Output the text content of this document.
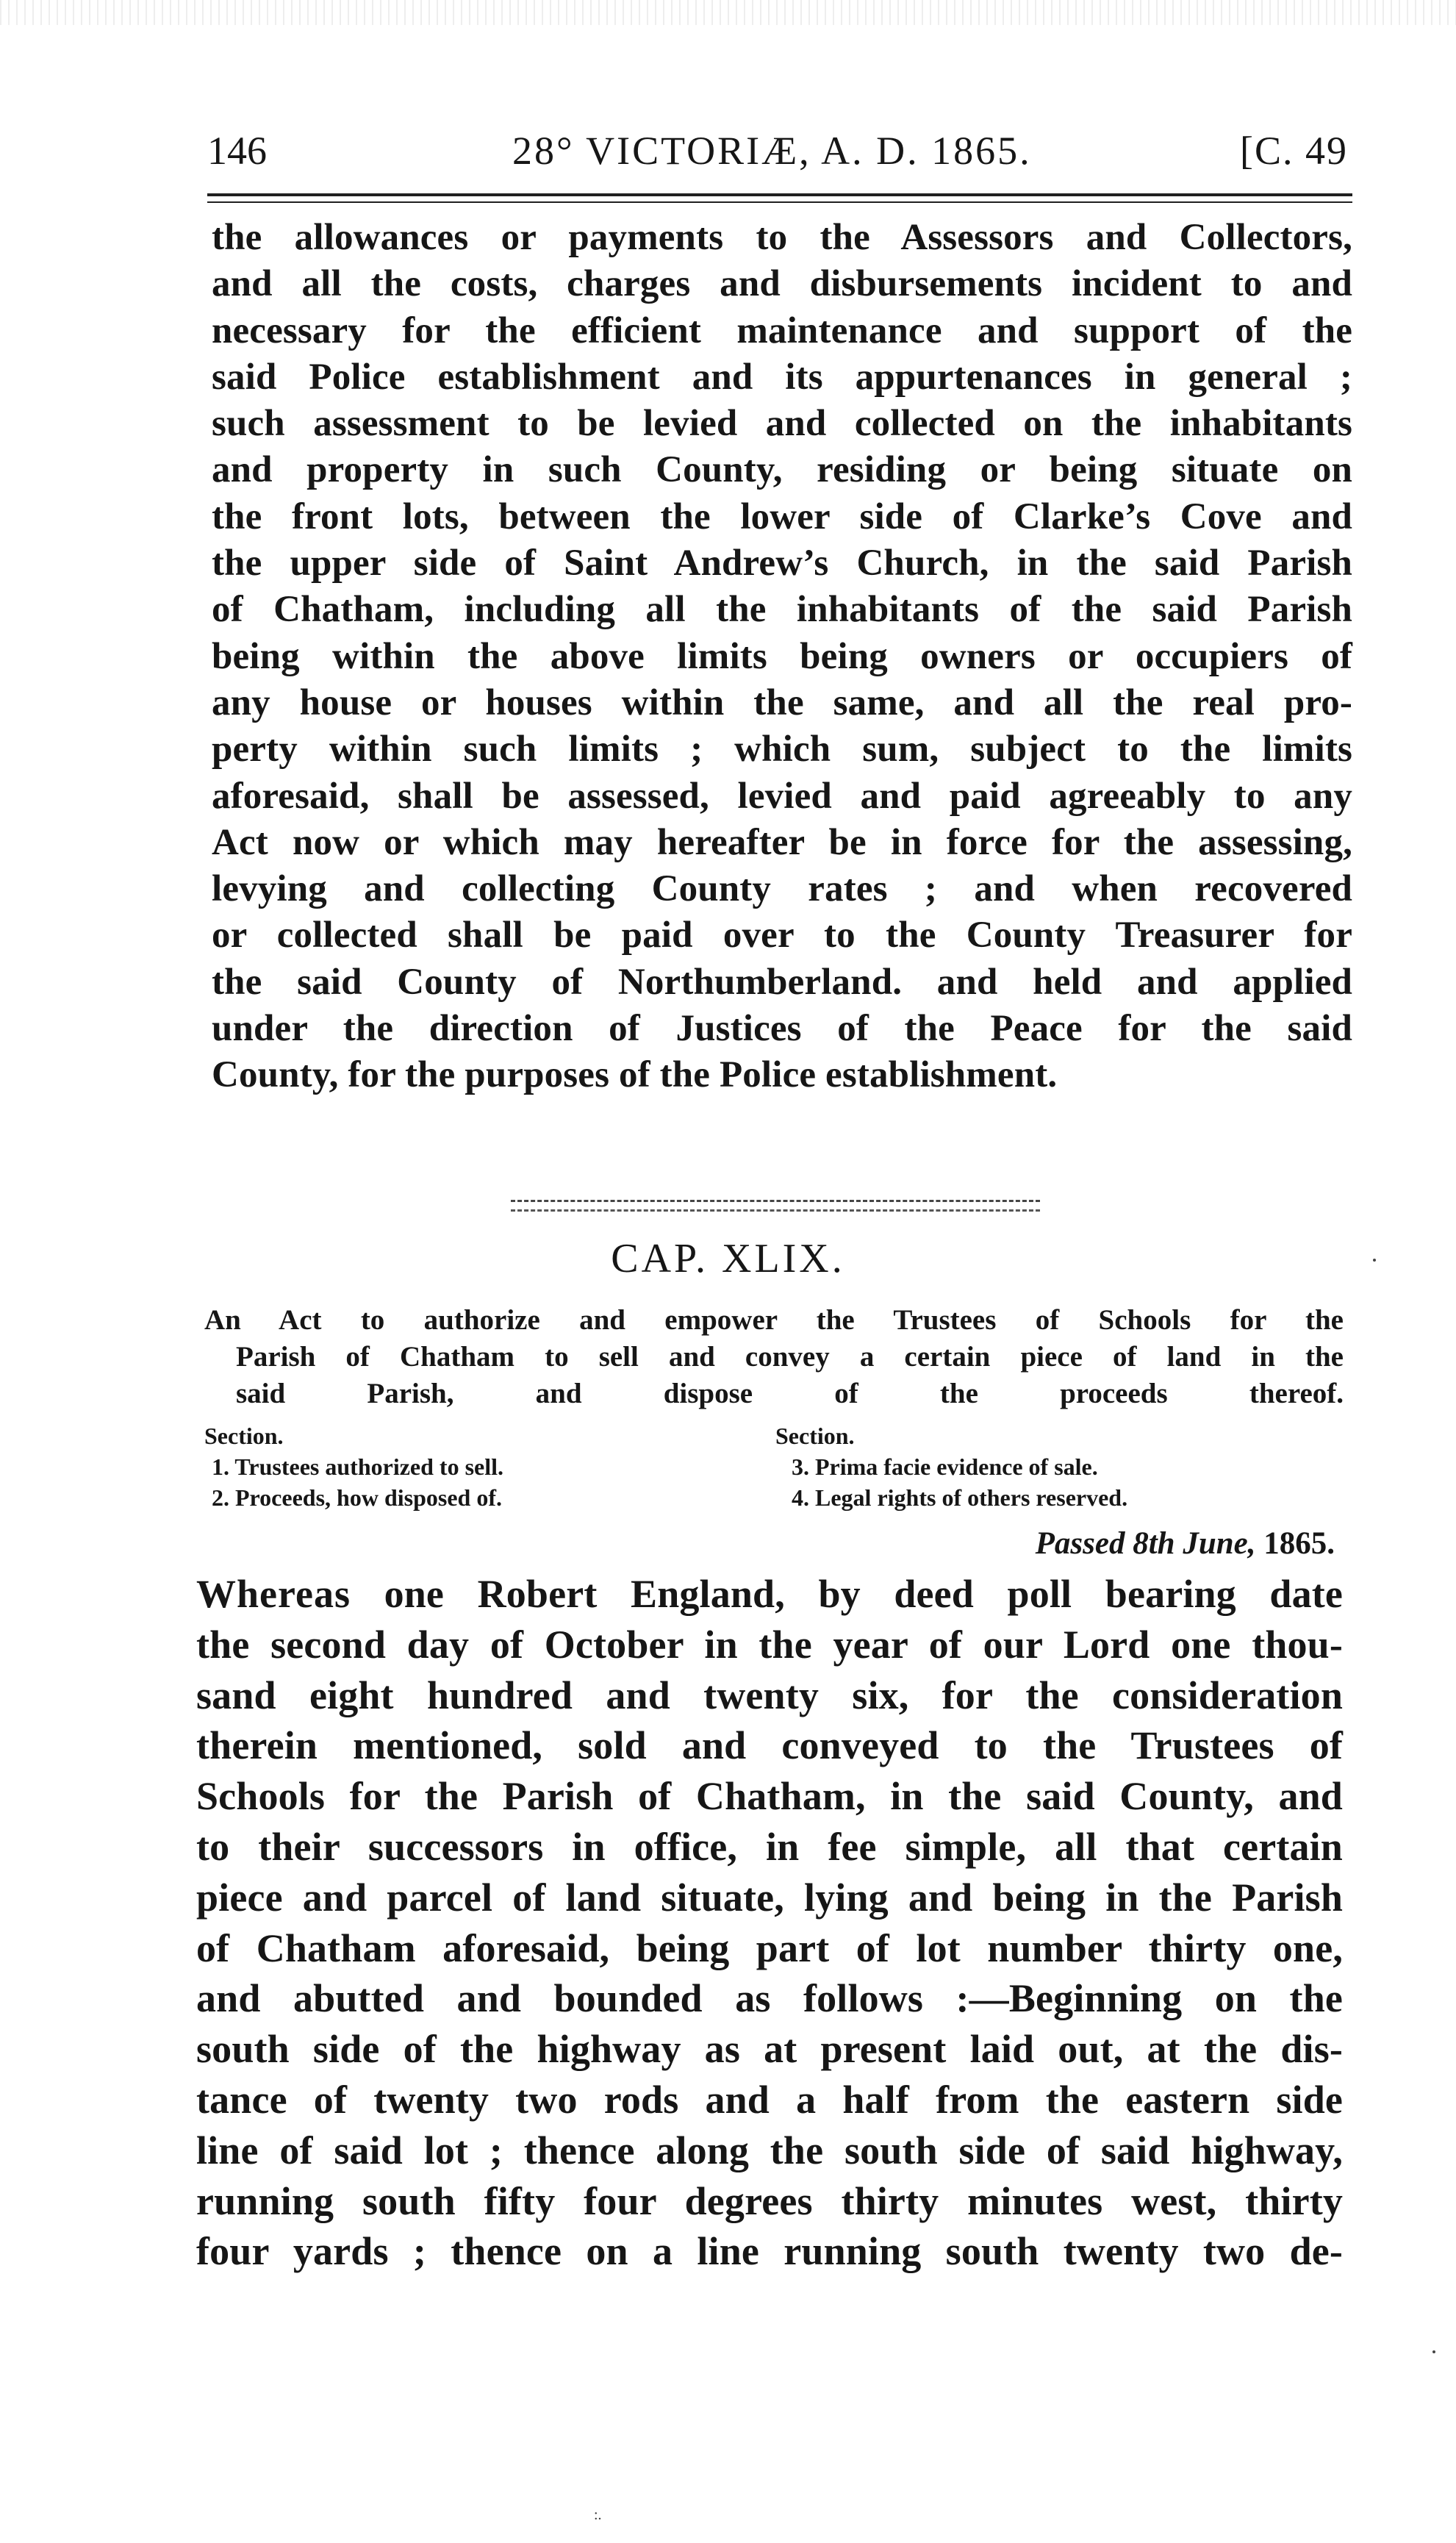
146	28° VICTORIÆ, A. D. 1865.	[C. 49
the allowances or payments to the Assessors and Collectors,
and all the costs, charges and disbursements incident to and
necessary for the efficient maintenance and support of the
said Police establishment and its appurtenances in general ;
such assessment to be levied and collected on the inhabitants
and property in such County, residing or being situate on
the front lots, between the lower side of Clarke’s Cove and
the upper side of Saint Andrew’s Church, in the said Parish
of Chatham, including all the inhabitants of the said Parish
being within the above limits being owners or occupiers of
any house or houses within the same, and all the real pro-
perty within such limits ; which sum, subject to the limits
aforesaid, shall be assessed, levied and paid agreeably to any
Act now or which may hereafter be in force for the assessing,
levying and collecting County rates ; and when recovered
or collected shall be paid over to the County Treasurer for
the said County of Northumberland. and held and applied
under the direction of Justices of the Peace for the said
County, for the purposes of the Police establishment.
CAP. XLIX.
An Act to authorize and empower the Trustees of Schools for the
Parish of Chatham to sell and convey a certain piece of land in the
said Parish, and dispose of the proceeds thereof.
Section.
1. Trustees authorized to sell.
2. Proceeds, how disposed of.
Section.
3. Prima facie evidence of sale.
4. Legal rights of others reserved.
Passed 8th June, 1865.
Whereas one Robert England, by deed poll bearing date
the second day of October in the year of our Lord one thou-
sand eight hundred and twenty six, for the consideration
therein mentioned, sold and conveyed to the Trustees of
Schools for the Parish of Chatham, in the said County, and
to their successors in office, in fee simple, all that certain
piece and parcel of land situate, lying and being in the Parish
of Chatham aforesaid, being part of lot number thirty one,
and abutted and bounded as follows :—Beginning on the
south side of the highway as at present laid out, at the dis-
tance of twenty two rods and a half from the eastern side
line of said lot ; thence along the south side of said highway,
running south fifty four degrees thirty minutes west, thirty
four yards ; thence on a line running south twenty two de-
:.
